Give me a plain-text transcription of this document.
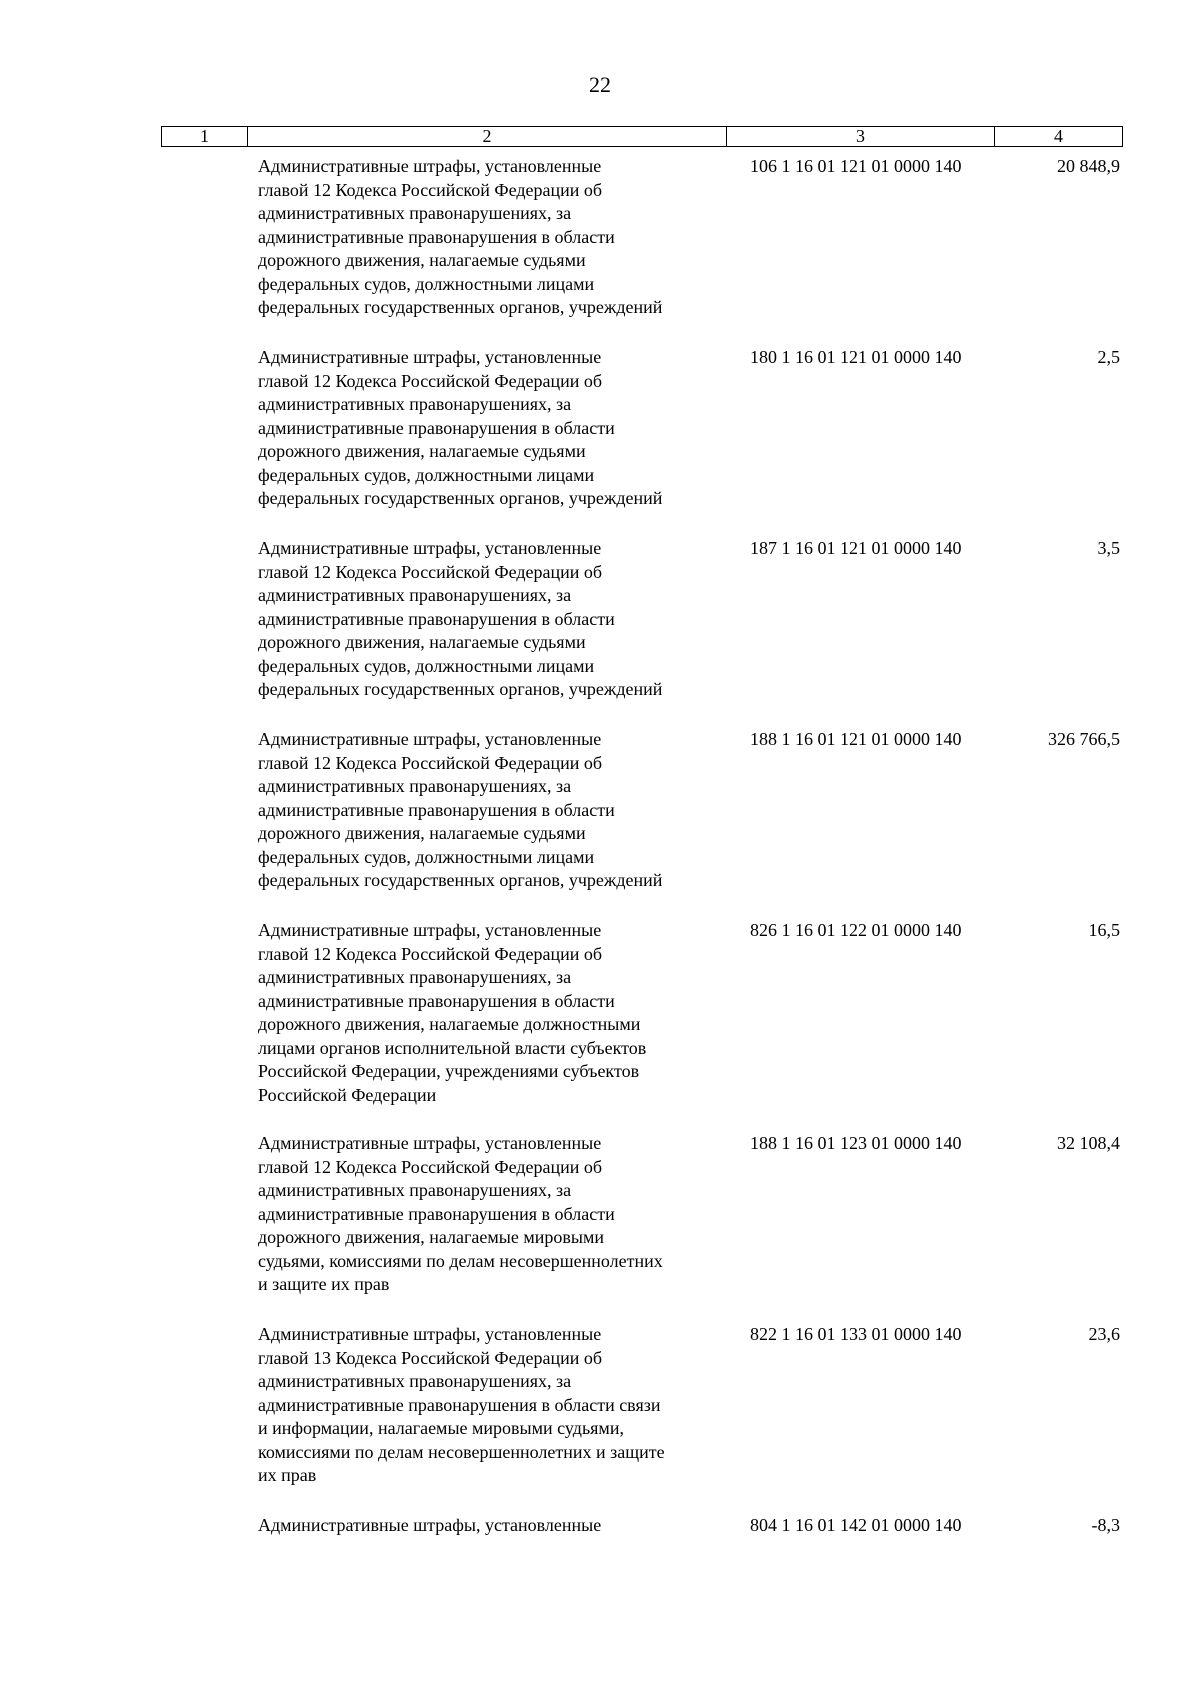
22
1	2	3	4
Административные штрафы, установленные
главой 12 Кодекса Российской Федерации об
административных правонарушениях, за
административные правонарушения в области
дорожного движения, налагаемые судьями
федеральных судов, должностными лицами
федеральных государственных органов, учреждений
106 1 16 01 121 01 0000 140	20 848,9
Административные штрафы, установленные
главой 12 Кодекса Российской Федерации об
административных правонарушениях, за
административные правонарушения в области
дорожного движения, налагаемые судьями
федеральных судов, должностными лицами
федеральных государственных органов, учреждений
180 1 16 01 121 01 0000 140	2,5
Административные штрафы, установленные
главой 12 Кодекса Российской Федерации об
административных правонарушениях, за
административные правонарушения в области
дорожного движения, налагаемые судьями
федеральных судов, должностными лицами
федеральных государственных органов, учреждений
187 1 16 01 121 01 0000 140	3,5
Административные штрафы, установленные
главой 12 Кодекса Российской Федерации об
административных правонарушениях, за
административные правонарушения в области
дорожного движения, налагаемые судьями
федеральных судов, должностными лицами
федеральных государственных органов, учреждений
188 1 16 01 121 01 0000 140	326 766,5
Административные штрафы, установленные
главой 12 Кодекса Российской Федерации об
административных правонарушениях, за
административные правонарушения в области
дорожного движения, налагаемые должностными
лицами органов исполнительной власти субъектов
Российской Федерации, учреждениями субъектов
Российской Федерации
826 1 16 01 122 01 0000 140	16,5
Административные штрафы, установленные
главой 12 Кодекса Российской Федерации об
административных правонарушениях, за
административные правонарушения в области
дорожного движения, налагаемые мировыми
судьями, комиссиями по делам несовершеннолетних
и защите их прав
188 1 16 01 123 01 0000 140	32 108,4
Административные штрафы, установленные
главой 13 Кодекса Российской Федерации об
административных правонарушениях, за
административные правонарушения в области связи
и информации, налагаемые мировыми судьями,
комиссиями по делам несовершеннолетних и защите
их прав
822 1 16 01 133 01 0000 140	23,6
Административные штрафы, установленные	804 1 16 01 142 01 0000 140	-8,3
